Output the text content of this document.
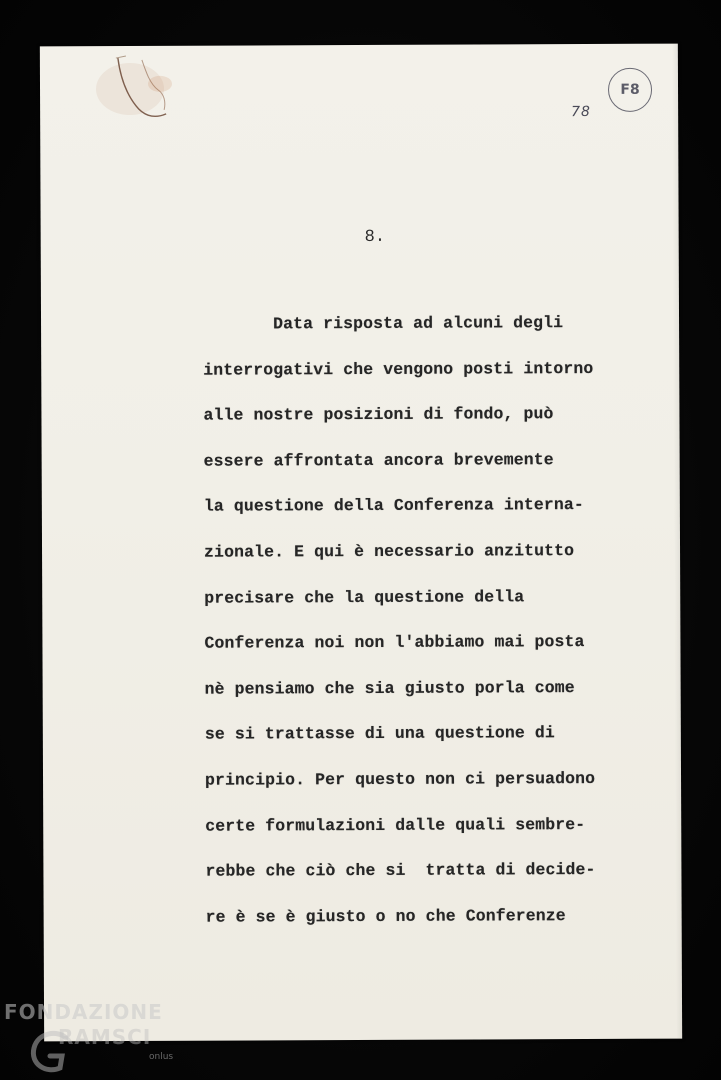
F8
78
8.
Data risposta ad alcuni degli
interrogativi che vengono posti intorno
alle nostre posizioni di fondo, può
essere affrontata ancora brevemente
la questione della Conferenza interna-
zionale. E qui è necessario anzitutto
precisare che la questione della
Conferenza noi non l'abbiamo mai posta
nè pensiamo che sia giusto porla come
se si trattasse di una questione di
principio. Per questo non ci persuadono
certe formulazioni dalle quali sembre-
rebbe che ciò che si  tratta di decide-
re è se è giusto o no che Conferenze
FONDAZIONE
RAMSCI
onlus
